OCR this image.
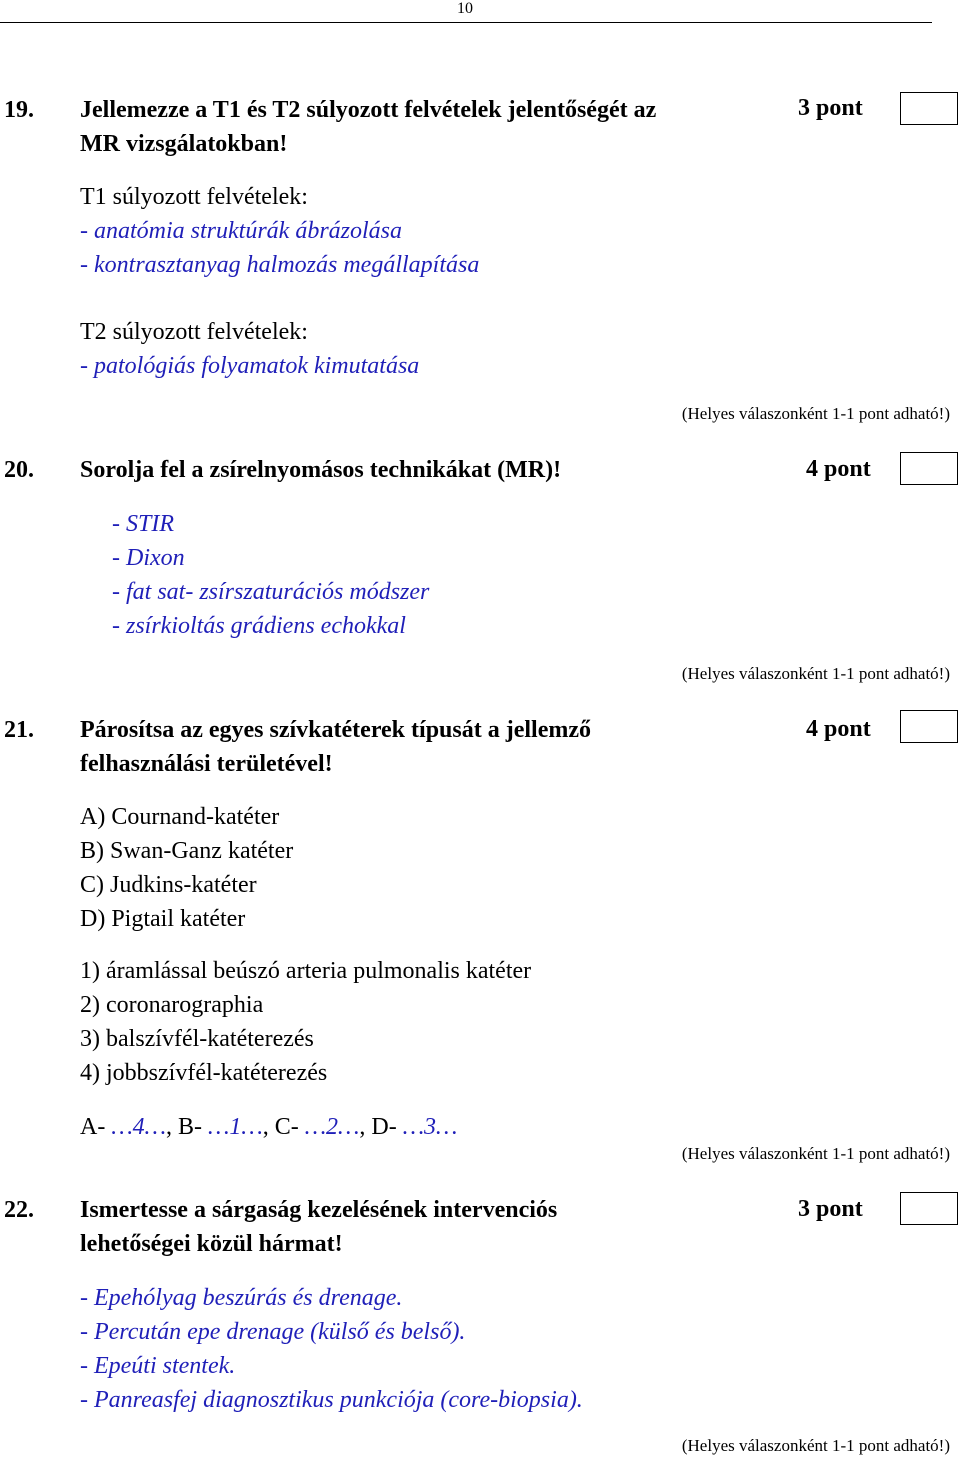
10
19. Jellemezze a T1 és T2 súlyozott felvételek jelentőségét az
MR vizsgálatokban!
3 pont
T1 súlyozott felvételek:
- anatómia struktúrák ábrázolása
- kontrasztanyag halmozás megállapítása
T2 súlyozott felvételek:
- patológiás folyamatok kimutatása
(Helyes válaszonként 1-1 pont adható!)
20. Sorolja fel a zsírelnyomásos technikákat (MR)!	4 pont
- STIR
- Dixon
- fat sat- zsírszaturációs módszer
- zsírkioltás grádiens echokkal
(Helyes válaszonként 1-1 pont adható!)
21. Párosítsa az egyes szívkatéterek típusát a jellemző
felhasználási területével!
4 pont
A) Cournand-katéter
B) Swan-Ganz katéter
C) Judkins-katéter
D) Pigtail katéter
1) áramlással beúszó arteria pulmonalis katéter
2) coronarographia
3) balszívfél-katéterezés
4) jobbszívfél-katéterezés
A- …4…, B- …1…, C- …2…, D- …3…
(Helyes válaszonként 1-1 pont adható!)
22. Ismertesse a sárgaság kezelésének intervenciós
lehetőségei közül hármat!
3 pont
- Epehólyag beszúrás és drenage.
- Percután epe drenage (külső és belső).
- Epeúti stentek.
- Panreasfej diagnosztikus punkciója (core-biopsia).
(Helyes válaszonként 1-1 pont adható!)
